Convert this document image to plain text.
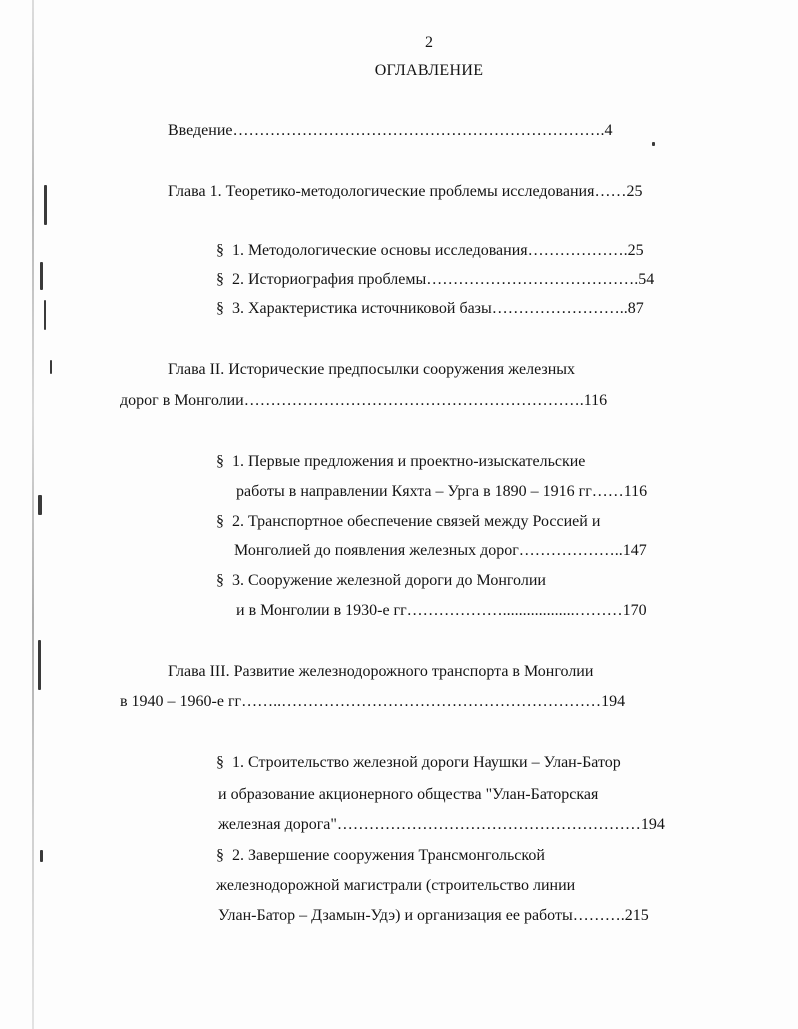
2
ОГЛАВЛЕНИЕ
Введение…………………………………………………………….4
Глава 1. Теоретико-методологические проблемы исследования……25
§  1. Методологические основы исследования……………….25
§  2. Историография проблемы………………………………….54
§  3. Характеристика источниковой базы……………………..87
Глава II. Исторические предпосылки сооружения железных
дорог в Монголии……………………………………………………….116
§  1. Первые предложения и проектно-изыскательские
работы в направлении Кяхта – Урга в 1890 – 1916 гг……116
§  2. Транспортное обеспечение связей между Россией и
Монголией до появления железных дорог………………..147
§  3. Сооружение железной дороги до Монголии
и в Монголии в 1930-е гг………………..................………170
Глава III. Развитие железнодорожного транспорта в Монголии
в 1940 – 1960-е гг……..……………………………………………………194
§  1. Строительство железной дороги Наушки – Улан-Батор
и образование акционерного общества "Улан-Баторская
железная дорога"…………………………………………………194
§  2. Завершение сооружения Трансмонгольской
железнодорожной магистрали (строительство линии
Улан-Батор – Дзамын-Удэ) и организация ее работы……….215
